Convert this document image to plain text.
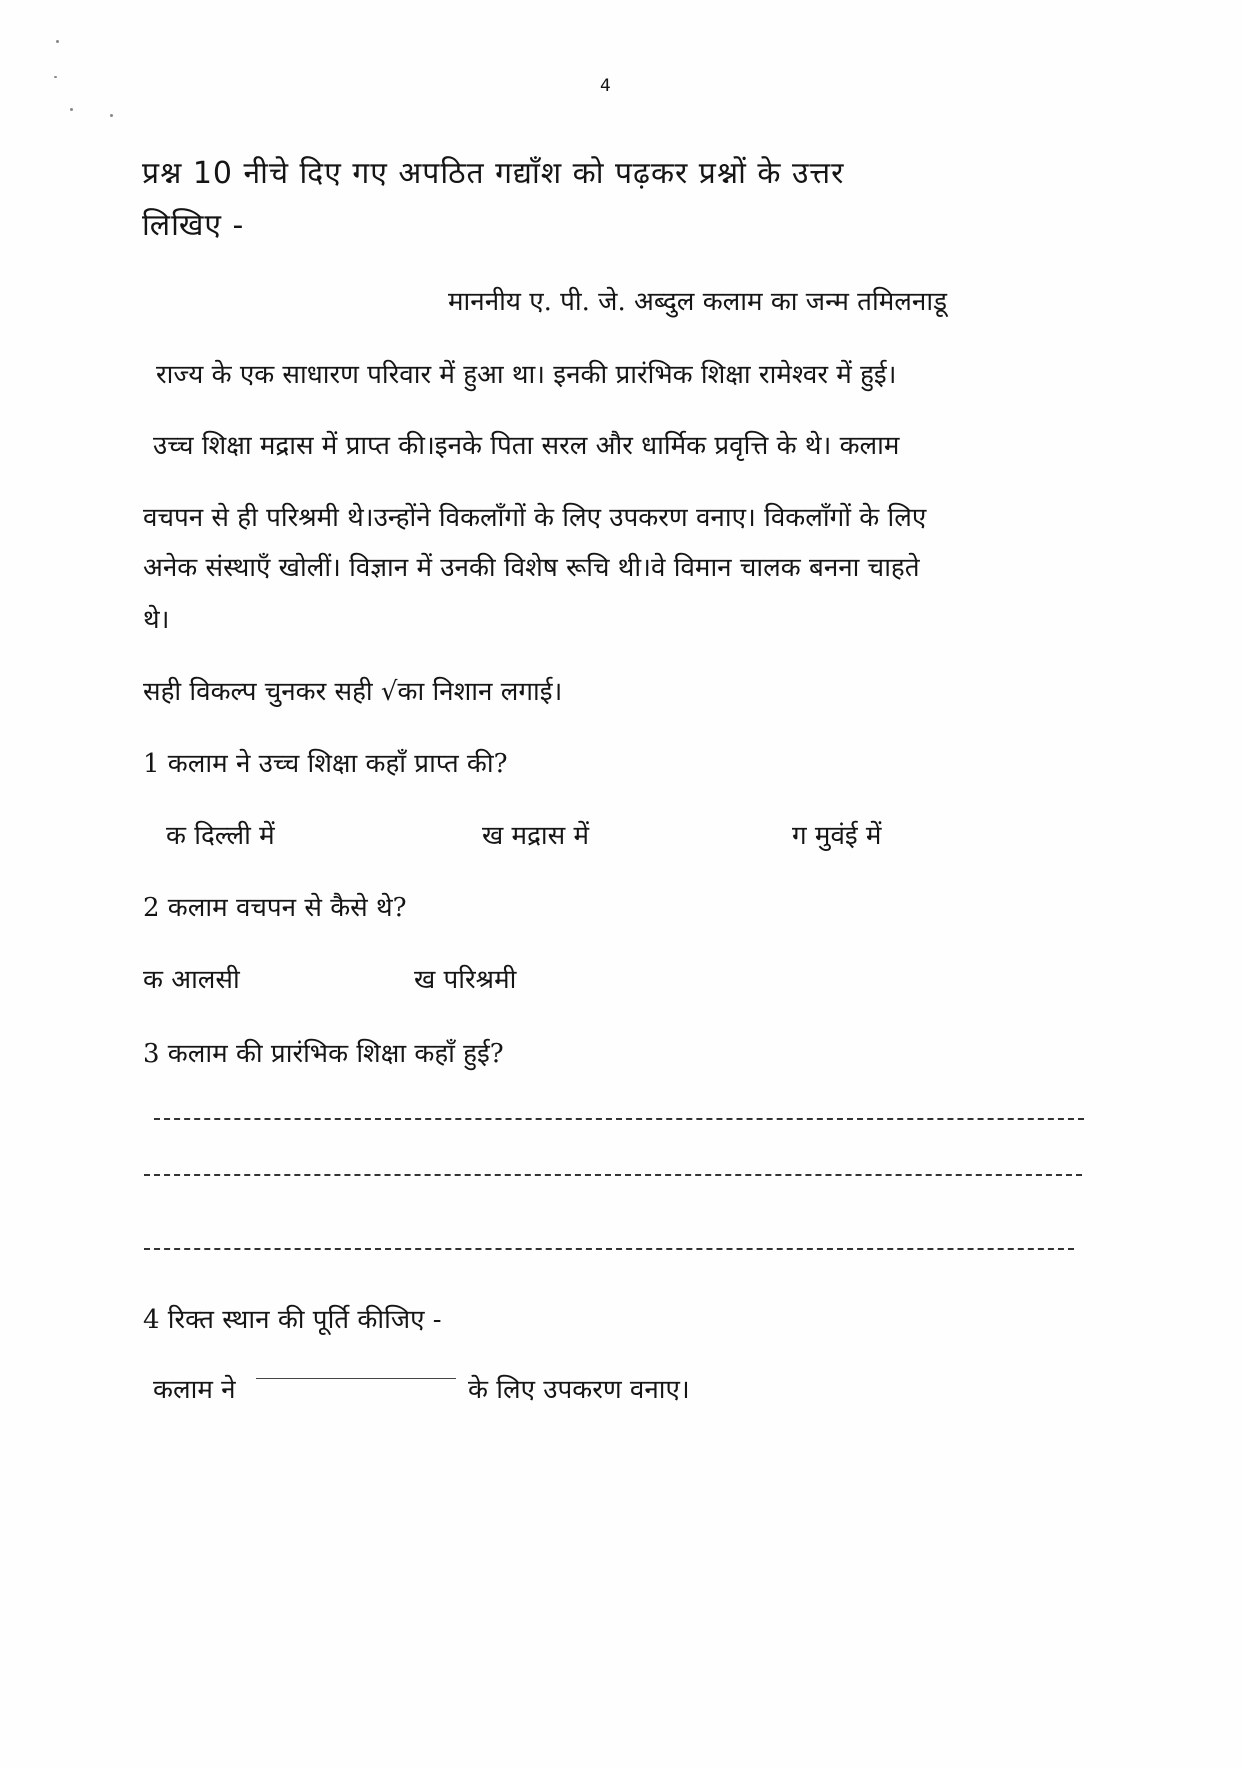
4
प्रश्न 10 नीचे दिए गए अपठित गद्याँश को पढ़कर प्रश्नों के उत्तर
लिखिए -
माननीय ए. पी. जे. अब्दुल कलाम का जन्म तमिलनाडू
राज्य के एक साधारण परिवार में हुआ था। इनकी प्रारंभिक शिक्षा रामेश्वर में हुई।
उच्च शिक्षा मद्रास में प्राप्त की।इनके पिता सरल और धार्मिक प्रवृत्ति के थे। कलाम
वचपन से ही परिश्रमी थे।उन्होंने विकलाँगों के लिए उपकरण वनाए। विकलाँगों के लिए
अनेक संस्थाएँ खोलीं। विज्ञान में उनकी विशेष रूचि थी।वे विमान चालक बनना चाहते
थे।
सही विकल्प चुनकर सही √का निशान लगाई।
1 कलाम ने उच्च शिक्षा कहाँ प्राप्त की?
क दिल्ली में	ख मद्रास में	ग मुवंई में
2 कलाम वचपन से कैसे थे?
क आलसी	ख परिश्रमी
3 कलाम की प्रारंभिक शिक्षा कहाँ हुई?
4 रिक्त स्थान की पूर्ति कीजिए -
कलाम ने	के लिए उपकरण वनाए।
